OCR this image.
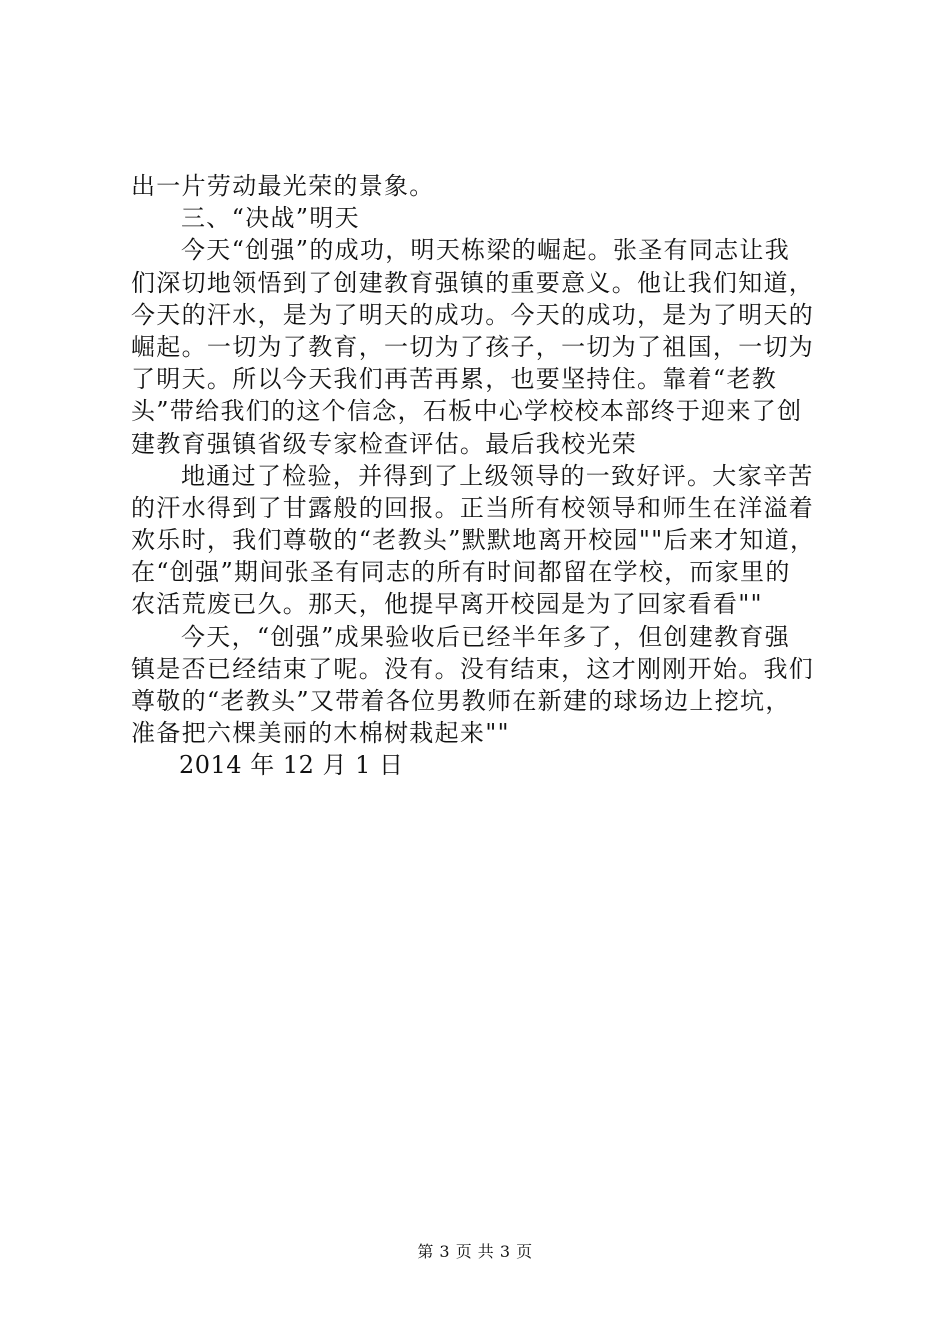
出一片劳动最光荣的景象。
三、“决战”明天
今天“创强”的成功，明天栋梁的崛起。张圣有同志让我
们深切地领悟到了创建教育强镇的重要意义。他让我们知道，
今天的汗水，是为了明天的成功。今天的成功，是为了明天的
崛起。一切为了教育，一切为了孩子，一切为了祖国，一切为
了明天。所以今天我们再苦再累，也要坚持住。靠着“老教
头”带给我们的这个信念，石板中心学校校本部终于迎来了创
建教育强镇省级专家检查评估。最后我校光荣
地通过了检验，并得到了上级领导的一致好评。大家辛苦
的汗水得到了甘露般的回报。正当所有校领导和师生在洋溢着
欢乐时，我们尊敬的“老教头”默默地离开校园""后来才知道，
在“创强”期间张圣有同志的所有时间都留在学校，而家里的
农活荒废已久。那天，他提早离开校园是为了回家看看""
今天，“创强”成果验收后已经半年多了，但创建教育强
镇是否已经结束了呢。没有。没有结束，这才刚刚开始。我们
尊敬的“老教头”又带着各位男教师在新建的球场边上挖坑，
准备把六棵美丽的木棉树栽起来""
2014 年 12 月 1 日
第 3 页 共 3 页
